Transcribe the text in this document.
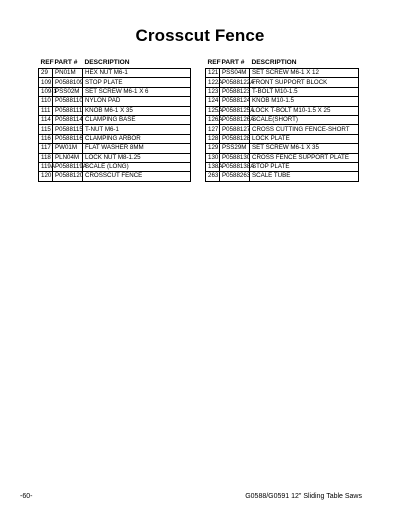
Crosscut Fence
REF	PART #	DESCRIPTION
29	PN01M	HEX NUT M6-1
109	P0588109	STOP PLATE
109-1	PSS02M	SET SCREW M6-1 X 6
110	P0588110	NYLON PAD
111	P0588111	KNOB M6-1 X 35
114	P0588114	CLAMPING BASE
115	P0588115	T-NUT M6-1
116	P0588116	CLAMPING ARBOR
117	PW01M	FLAT WASHER 8MM
118	PLN04M	LOCK NUT M8-1.25
119A	P0588119A	SCALE (LONG)
120	P0588120	CROSSCUT FENCE
REF	PART #	DESCRIPTION
121	PSS04M	SET SCREW M6-1 X 12
122A	P0588122A	FRONT SUPPORT BLOCK
123	P0588123	T-BOLT M10-1.5
124	P0588124	KNOB M10-1.5
125A	P0588125A	LOCK T-BOLT M10-1.5 X 25
126A	P0588126A	SCALE(SHORT)
127	P0588127	CROSS CUTTING FENCE-SHORT
128	P0588128	LOCK PLATE
129	PSS29M	SET SCREW M6-1 X 35
130	P0588130	CROSS FENCE SUPPORT PLATE
138A	P0588138A	STOP PLATE
263	P0588263	SCALE TUBE
-60-	G0588/G0591 12" Sliding Table Saws
